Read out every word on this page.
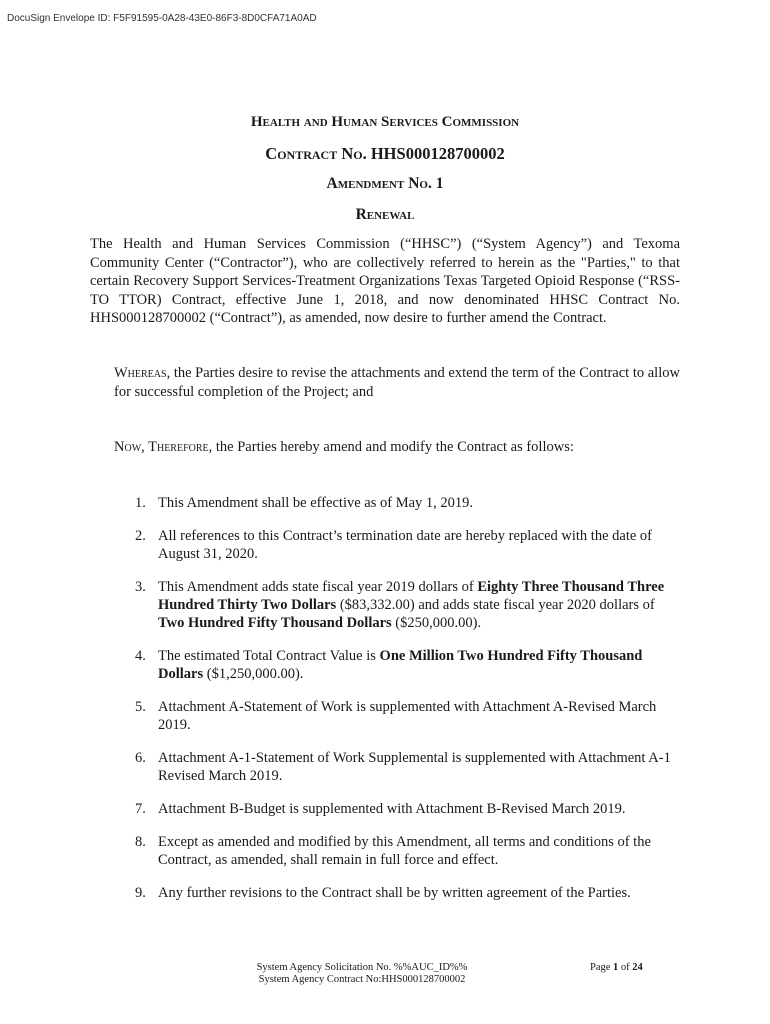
DocuSign Envelope ID: F5F91595-0A28-43E0-86F3-8D0CFA71A0AD
Health and Human Services Commission
Contract No. HHS000128700002
Amendment No. 1
Renewal
The Health and Human Services Commission (“HHSC”) (“System Agency”) and Texoma Community Center (“Contractor”), who are collectively referred to herein as the "Parties," to that certain Recovery Support Services-Treatment Organizations Texas Targeted Opioid Response (“RSS-TO TTOR) Contract, effective June 1, 2018, and now denominated HHSC Contract No. HHS000128700002 (“Contract”), as amended, now desire to further amend the Contract.
Whereas, the Parties desire to revise the attachments and extend the term of the Contract to allow for successful completion of the Project; and
Now, Therefore, the Parties hereby amend and modify the Contract as follows:
1. This Amendment shall be effective as of May 1, 2019.
2. All references to this Contract’s termination date are hereby replaced with the date of August 31, 2020.
3. This Amendment adds state fiscal year 2019 dollars of Eighty Three Thousand Three Hundred Thirty Two Dollars ($83,332.00) and adds state fiscal year 2020 dollars of Two Hundred Fifty Thousand Dollars ($250,000.00).
4. The estimated Total Contract Value is One Million Two Hundred Fifty Thousand Dollars ($1,250,000.00).
5. Attachment A-Statement of Work is supplemented with Attachment A-Revised March 2019.
6. Attachment A-1-Statement of Work Supplemental is supplemented with Attachment A-1 Revised March 2019.
7. Attachment B-Budget is supplemented with Attachment B-Revised March 2019.
8. Except as amended and modified by this Amendment, all terms and conditions of the Contract, as amended, shall remain in full force and effect.
9. Any further revisions to the Contract shall be by written agreement of the Parties.
System Agency Solicitation No. %%AUC_ID%%
System Agency Contract No:HHS000128700002
Page 1 of 24
